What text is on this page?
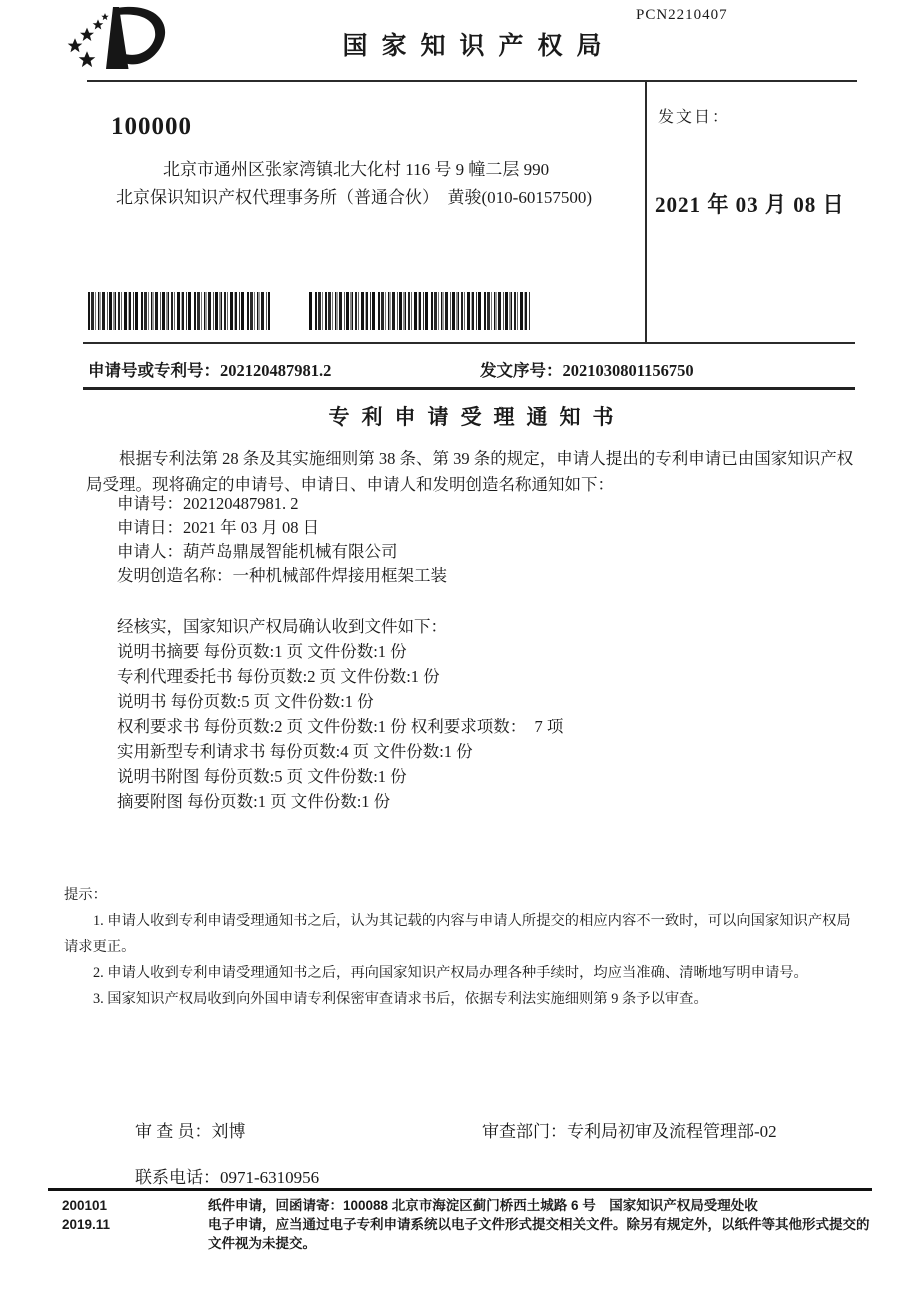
PCN2210407
国家知识产权局
100000
北京市通州区张家湾镇北大化村 116 号 9 幢二层 990
北京保识知识产权代理事务所（普通合伙）　黄骏(010-60157500)
发文日：
2021 年 03 月 08 日
申请号或专利号：202120487981.2	发文序号：2021030801156750
专利申请受理通知书

根据专利法第 28 条及其实施细则第 38 条、第 39 条的规定，申请人提出的专利申请已由国家知识产权局受理。现将确定的申请号、申请日、申请人和发明创造名称通知如下：

申请号：202120487981. 2

申请日：2021 年 03 月 08 日

申请人：葫芦岛鼎晟智能机械有限公司

发明创造名称：一种机械部件焊接用框架工装

经核实，国家知识产权局确认收到文件如下：

说明书摘要 每份页数:1 页 文件份数:1 份

专利代理委托书 每份页数:2 页 文件份数:1 份

说明书 每份页数:5 页 文件份数:1 份

权利要求书 每份页数:2 页 文件份数:1 份 权利要求项数：　7 项

实用新型专利请求书 每份页数:4 页 文件份数:1 份

说明书附图 每份页数:5 页 文件份数:1 份

摘要附图 每份页数:1 页 文件份数:1 份

提示：

1. 申请人收到专利申请受理通知书之后，认为其记载的内容与申请人所提交的相应内容不一致时，可以向国家知识产权局请求更正。

2. 申请人收到专利申请受理通知书之后，再向国家知识产权局办理各种手续时，均应当准确、清晰地写明申请号。

3. 国家知识产权局收到向外国申请专利保密审查请求书后，依据专利法实施细则第 9 条予以审查。

审 查 员：刘博	审查部门：专利局初审及流程管理部-02
联系电话：0971-6310956

200101

2019.11

纸件申请，回函请寄：100088 北京市海淀区蓟门桥西土城路 6 号　国家知识产权局受理处收

电子申请，应当通过电子专利申请系统以电子文件形式提交相关文件。除另有规定外，以纸件等其他形式提交的文件视为未提交。
